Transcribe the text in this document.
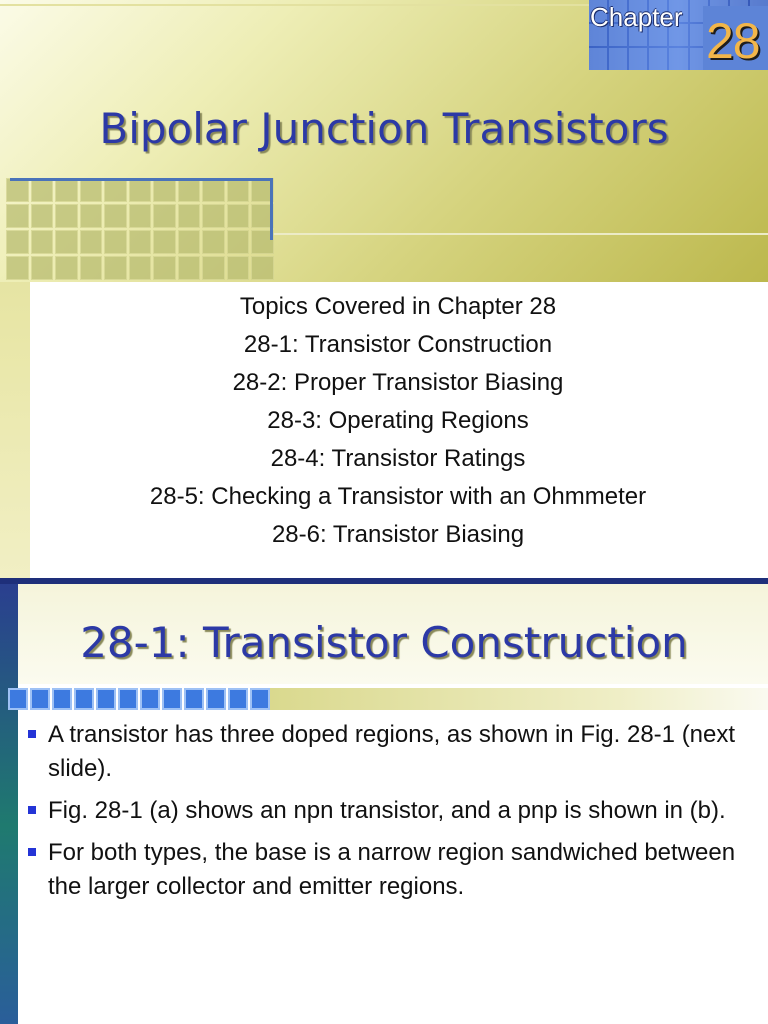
Chapter 28
Bipolar Junction Transistors
Topics Covered in Chapter 28
28-1: Transistor Construction
28-2: Proper Transistor Biasing
28-3: Operating Regions
28-4: Transistor Ratings
28-5: Checking a Transistor with an Ohmmeter
28-6: Transistor Biasing
28-1: Transistor Construction
A transistor has three doped regions, as shown in Fig. 28-1 (next slide).
Fig. 28-1 (a) shows an npn transistor, and a pnp is shown in (b).
For both types, the base is a narrow region sandwiched between the larger collector and emitter regions.
